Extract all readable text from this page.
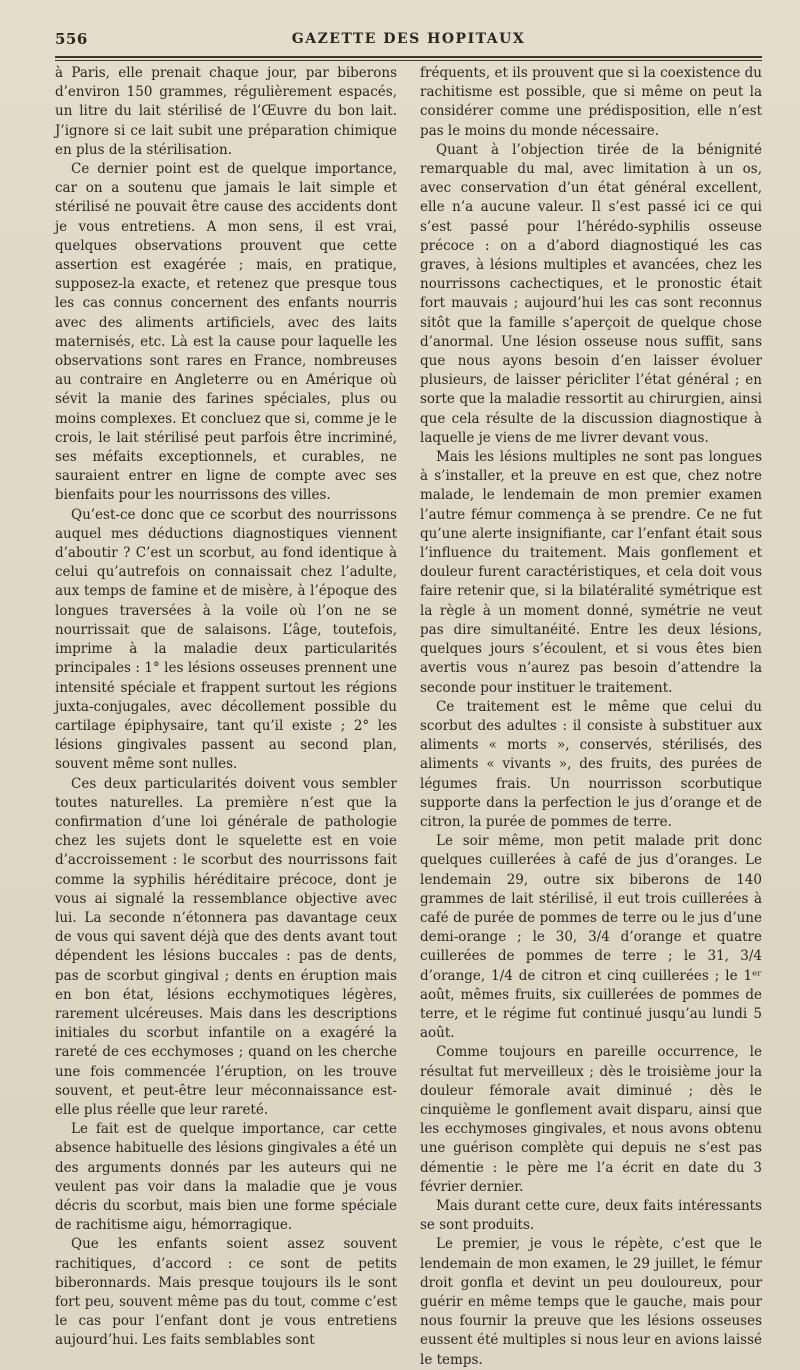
556	GAZETTE DES HOPITAUX

à Paris, elle prenait chaque jour, par biberons d’environ 150 grammes, régulièrement espacés, un litre du lait stérilisé de l’Œuvre du bon lait. J’ignore si ce lait subit une préparation chimique en plus de la stérilisation.

Ce dernier point est de quelque importance, car on a soutenu que jamais le lait simple et stérilisé ne pouvait être cause des accidents dont je vous entretiens. A mon sens, il est vrai, quelques observations prouvent que cette assertion est exagérée ; mais, en pratique, supposez-la exacte, et retenez que presque tous les cas connus concernent des enfants nourris avec des aliments artificiels, avec des laits maternisés, etc. Là est la cause pour laquelle les observations sont rares en France, nombreuses au contraire en Angleterre ou en Amérique où sévit la manie des farines spéciales, plus ou moins complexes. Et concluez que si, comme je le crois, le lait stérilisé peut parfois être incriminé, ses méfaits exceptionnels, et curables, ne sauraient entrer en ligne de compte avec ses bienfaits pour les nourrissons des villes.

Qu’est-ce donc que ce scorbut des nourrissons auquel mes déductions diagnostiques viennent d’aboutir ? C’est un scorbut, au fond identique à celui qu’autrefois on connaissait chez l’adulte, aux temps de famine et de misère, à l’époque des longues traversées à la voile où l’on ne se nourrissait que de salaisons. L’âge, toutefois, imprime à la maladie deux particularités principales : 1° les lésions osseuses prennent une intensité spéciale et frappent surtout les régions juxta-conjugales, avec décollement possible du cartilage épiphysaire, tant qu’il existe ; 2° les lésions gingivales passent au second plan, souvent même sont nulles.

Ces deux particularités doivent vous sembler toutes naturelles. La première n’est que la confirmation d’une loi générale de pathologie chez les sujets dont le squelette est en voie d’accroissement : le scorbut des nourrissons fait comme la syphilis héréditaire précoce, dont je vous ai signalé la ressemblance objective avec lui. La seconde n’étonnera pas davantage ceux de vous qui savent déjà que des dents avant tout dépendent les lésions buccales : pas de dents, pas de scorbut gingival ; dents en éruption mais en bon état, lésions ecchymotiques légères, rarement ulcéreuses. Mais dans les descriptions initiales du scorbut infantile on a exagéré la rareté de ces ecchymoses ; quand on les cherche une fois commencée l’éruption, on les trouve souvent, et peut-être leur méconnaissance est-elle plus réelle que leur rareté.

Le fait est de quelque importance, car cette absence habituelle des lésions gingivales a été un des arguments donnés par les auteurs qui ne veulent pas voir dans la maladie que je vous décris du scorbut, mais bien une forme spéciale de rachitisme aigu, hémorragique.

Que les enfants soient assez souvent rachitiques, d’accord : ce sont de petits biberonnards. Mais presque toujours ils le sont fort peu, souvent même pas du tout, comme c’est le cas pour l’enfant dont je vous entretiens aujourd’hui. Les faits semblables sont

fréquents, et ils prouvent que si la coexistence du rachitisme est possible, que si même on peut la considérer comme une prédisposition, elle n’est pas le moins du monde nécessaire.

Quant à l’objection tirée de la bénignité remarquable du mal, avec limitation à un os, avec conservation d’un état général excellent, elle n’a aucune valeur. Il s’est passé ici ce qui s’est passé pour l’hérédo-syphilis osseuse précoce : on a d’abord diagnostiqué les cas graves, à lésions multiples et avancées, chez les nourrissons cachectiques, et le pronostic était fort mauvais ; aujourd’hui les cas sont reconnus sitôt que la famille s’aperçoit de quelque chose d’anormal. Une lésion osseuse nous suffit, sans que nous ayons besoin d’en laisser évoluer plusieurs, de laisser péricliter l’état général ; en sorte que la maladie ressortit au chirurgien, ainsi que cela résulte de la discussion diagnostique à laquelle je viens de me livrer devant vous.

Mais les lésions multiples ne sont pas longues à s’installer, et la preuve en est que, chez notre malade, le lendemain de mon premier examen l’autre fémur commença à se prendre. Ce ne fut qu’une alerte insignifiante, car l’enfant était sous l’influence du traitement. Mais gonflement et douleur furent caractéristiques, et cela doit vous faire retenir que, si la bilatéralité symétrique est la règle à un moment donné, symétrie ne veut pas dire simultanéité. Entre les deux lésions, quelques jours s’écoulent, et si vous êtes bien avertis vous n’aurez pas besoin d’attendre la seconde pour instituer le traitement.

Ce traitement est le même que celui du scorbut des adultes : il consiste à substituer aux aliments « morts », conservés, stérilisés, des aliments « vivants », des fruits, des purées de légumes frais. Un nourrisson scorbutique supporte dans la perfection le jus d’orange et de citron, la purée de pommes de terre.

Le soir même, mon petit malade prit donc quelques cuillerées à café de jus d’oranges. Le lendemain 29, outre six biberons de 140 grammes de lait stérilisé, il eut trois cuillerées à café de purée de pommes de terre ou le jus d’une demi-orange ; le 30, 3/4 d’orange et quatre cuillerées de pommes de terre ; le 31, 3/4 d’orange, 1/4 de citron et cinq cuillerées ; le 1ᵉʳ août, mêmes fruits, six cuillerées de pommes de terre, et le régime fut continué jusqu’au lundi 5 août.

Comme toujours en pareille occurrence, le résultat fut merveilleux ; dès le troisième jour la douleur fémorale avait diminué ; dès le cinquième le gonflement avait disparu, ainsi que les ecchymoses gingivales, et nous avons obtenu une guérison complète qui depuis ne s’est pas démentie : le père me l’a écrit en date du 3 février dernier.

Mais durant cette cure, deux faits intéressants se sont produits.

Le premier, je vous le répète, c’est que le lendemain de mon examen, le 29 juillet, le fémur droit gonfla et devint un peu douloureux, pour guérir en même temps que le gauche, mais pour nous fournir la preuve que les lésions osseuses eussent été multiples si nous leur en avions laissé le temps.
